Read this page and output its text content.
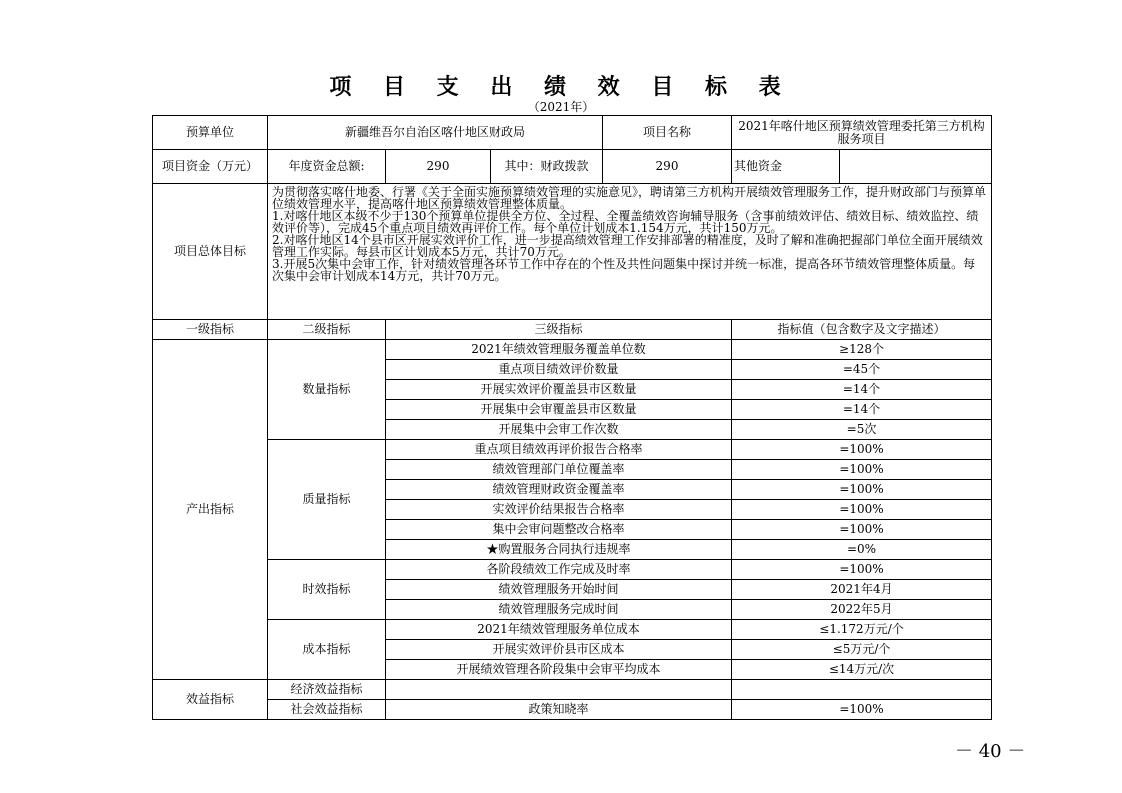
项 目 支 出 绩 效 目 标 表
（2021年）
预算单位	新疆维吾尔自治区喀什地区财政局			项目名称	2021年喀什地区预算绩效管理委托第三方机构服务项目	
项目资金（万元）	年度资金总额:	290	其中：财政拨款	290	其他资金	
项目总体目标	为贯彻落实喀什地委、行署《关于全面实施预算绩效管理的实施意见》，聘请第三方机构开展绩效管理服务工作，提升财政部门与预算单位绩效管理水平，提高喀什地区预算绩效管理整体质量。
1.对喀什地区本级不少于130个预算单位提供全方位、全过程、全覆盖绩效咨询辅导服务（含事前绩效评估、绩效目标、绩效监控、绩效评价等），完成45个重点项目绩效再评价工作。每个单位计划成本1.154万元，共计150万元。
2.对喀什地区14个县市区开展实效评价工作，进一步提高绩效管理工作安排部署的精准度，及时了解和准确把握部门单位全面开展绩效管理工作实际。每县市区计划成本5万元，共计70万元。
3.开展5次集中会审工作，针对绩效管理各环节工作中存在的个性及共性问题集中探讨并统一标准，提高各环节绩效管理整体质量。每次集中会审计划成本14万元，共计70万元。					

一级指标	二级指标	三级指标			指标值（包含数字及文字描述）	
产出指标	数量指标	2021年绩效管理服务覆盖单位数			≥128个	
		重点项目绩效评价数量			=45个	
		开展实效评价覆盖县市区数量			=14个	
		开展集中会审覆盖县市区数量			=14个	
		开展集中会审工作次数			=5次	
	质量指标	重点项目绩效再评价报告合格率			=100%	
		绩效管理部门单位覆盖率			=100%	
		绩效管理财政资金覆盖率			=100%	
		实效评价结果报告合格率			=100%	
		集中会审问题整改合格率			=100%	
		★购置服务合同执行违规率			=0%	
	时效指标	各阶段绩效工作完成及时率			=100%	
		绩效管理服务开始时间			2021年4月	
		绩效管理服务完成时间			2022年5月	
	成本指标	2021年绩效管理服务单位成本			≤1.172万元/个	
		开展实效评价县市区成本			≤5万元/个	
		开展绩效管理各阶段集中会审平均成本			≤14万元/次	
效益指标	经济效益指标					
	社会效益指标	政策知晓率			=100%	
－ 40 －
